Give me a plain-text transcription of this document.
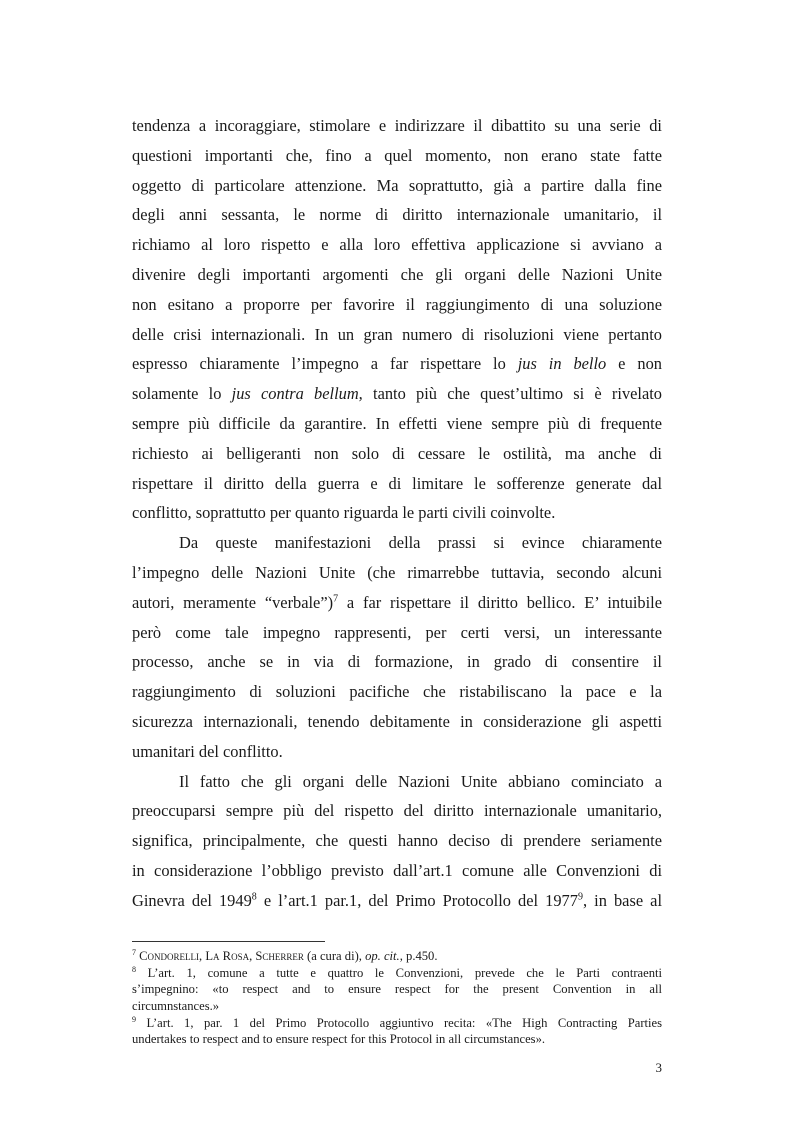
tendenza a incoraggiare, stimolare e indirizzare il dibattito su una serie di
questioni importanti che, fino a quel momento, non erano state fatte
oggetto di particolare attenzione. Ma soprattutto, già a partire dalla fine
degli anni sessanta, le norme di diritto internazionale umanitario, il
richiamo al loro rispetto e alla loro effettiva applicazione si avviano a
divenire degli importanti argomenti che gli organi delle Nazioni Unite
non esitano a proporre per favorire il raggiungimento di una soluzione
delle crisi internazionali. In un gran numero di risoluzioni viene pertanto
espresso chiaramente l’impegno a far rispettare lo jus in bello e non
solamente lo jus contra bellum, tanto più che quest’ultimo si è rivelato
sempre più difficile da garantire. In effetti viene sempre più di frequente
richiesto ai belligeranti non solo di cessare le ostilità, ma anche di
rispettare il diritto della guerra e di limitare le sofferenze generate dal
conflitto, soprattutto per quanto riguarda le parti civili coinvolte.
Da queste manifestazioni della prassi si evince chiaramente
l’impegno delle Nazioni Unite (che rimarrebbe tuttavia, secondo alcuni
autori, meramente “verbale”)$^7$ a far rispettare il diritto bellico. E’ intuibile
però come tale impegno rappresenti, per certi versi, un interessante
processo, anche se in via di formazione, in grado di consentire il
raggiungimento di soluzioni pacifiche che ristabiliscano la pace e la
sicurezza internazionali, tenendo debitamente in considerazione gli aspetti
umanitari del conflitto.
Il fatto che gli organi delle Nazioni Unite abbiano cominciato a
preoccuparsi sempre più del rispetto del diritto internazionale umanitario,
significa, principalmente, che questi hanno deciso di prendere seriamente
in considerazione l’obbligo previsto dall’art.1 comune alle Convenzioni di
Ginevra del 1949$^8$ e l’art.1 par.1, del Primo Protocollo del 1977$^9$, in base al
$^7$ Condorelli, La Rosa, Scherrer (a cura di), op. cit., p.450.
$^8$ L’art. 1, comune a tutte e quattro le Convenzioni, prevede che le Parti contraenti
s’impegnino: «to respect and to ensure respect for the present Convention in all
circumnstances.»
$^9$ L’art. 1, par. 1 del Primo Protocollo aggiuntivo recita: «The High Contracting Parties
undertakes to respect and to ensure respect for this Protocol in all circumstances».
3
